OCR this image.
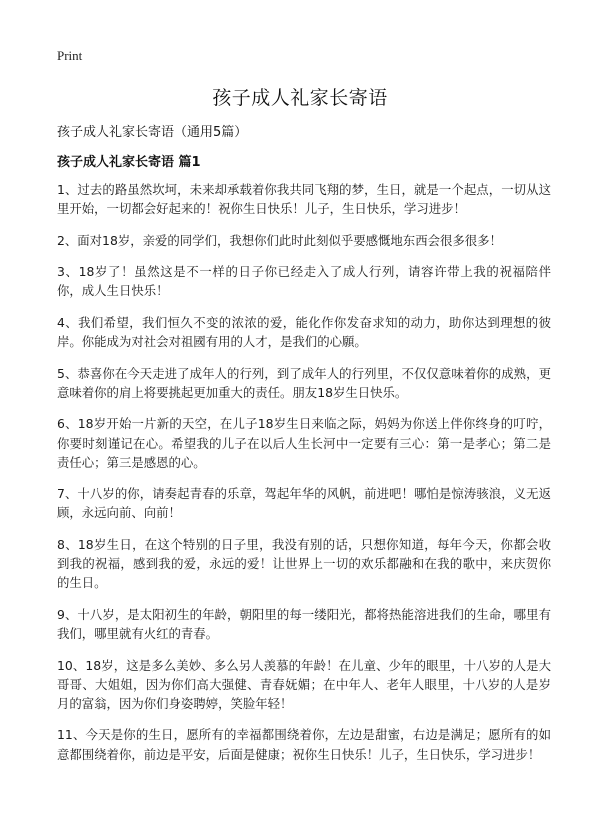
Print
孩子成人礼家长寄语

孩子成人礼家长寄语（通用5篇）

孩子成人礼家长寄语 篇1

1、过去的路虽然坎坷，未来却承载着你我共同飞翔的梦，生日，就是一个起点，一切从这里开始，一切都会好起来的！祝你生日快乐！儿子，生日快乐，学习进步！

2、面对18岁，亲爱的同学们，我想你们此时此刻似乎要感慨地东西会很多很多！

3、18岁了！虽然这是不一样的日子你已经走入了成人行列，请容许带上我的祝福陪伴你，成人生日快乐！

4、我们希望，我们恒久不变的浓浓的爱，能化作你发奋求知的动力，助你达到理想的彼岸。你能成为对社会对祖國有用的人才，是我们的心願。

5、恭喜你在今天走进了成年人的行列，到了成年人的行列里，不仅仅意味着你的成熟，更意味着你的肩上将要挑起更加重大的责任。朋友18岁生日快乐。

6、18岁开始一片新的天空，在儿子18岁生日来临之际，妈妈为你送上伴你终身的叮咛，你要时刻谨记在心。希望我的儿子在以后人生长河中一定要有三心：第一是孝心；第二是责任心；第三是感恩的心。

7、十八岁的你，请奏起青春的乐章，驾起年华的风帆，前进吧！哪怕是惊涛骇浪，义无返顾，永远向前、向前！

8、18岁生日，在这个特别的日子里，我没有别的话，只想你知道，每年今天，你都会收到我的祝福，感到我的爱，永远的爱！让世界上一切的欢乐都融和在我的歌中，来庆贺你的生日。

9、十八岁，是太阳初生的年龄，朝阳里的每一缕阳光，都将热能溶进我们的生命，哪里有我们，哪里就有火红的青春。

10、18岁，这是多么美妙、多么另人羡慕的年龄！在儿童、少年的眼里，十八岁的人是大哥哥、大姐姐，因为你们高大强健、青春妩媚；在中年人、老年人眼里，十八岁的人是岁月的富翁，因为你们身姿聘婷，笑脸年轻！

11、今天是你的生日，愿所有的幸福都围绕着你，左边是甜蜜，右边是满足；愿所有的如意都围绕着你，前边是平安，后面是健康；祝你生日快乐！儿子，生日快乐，学习进步！
